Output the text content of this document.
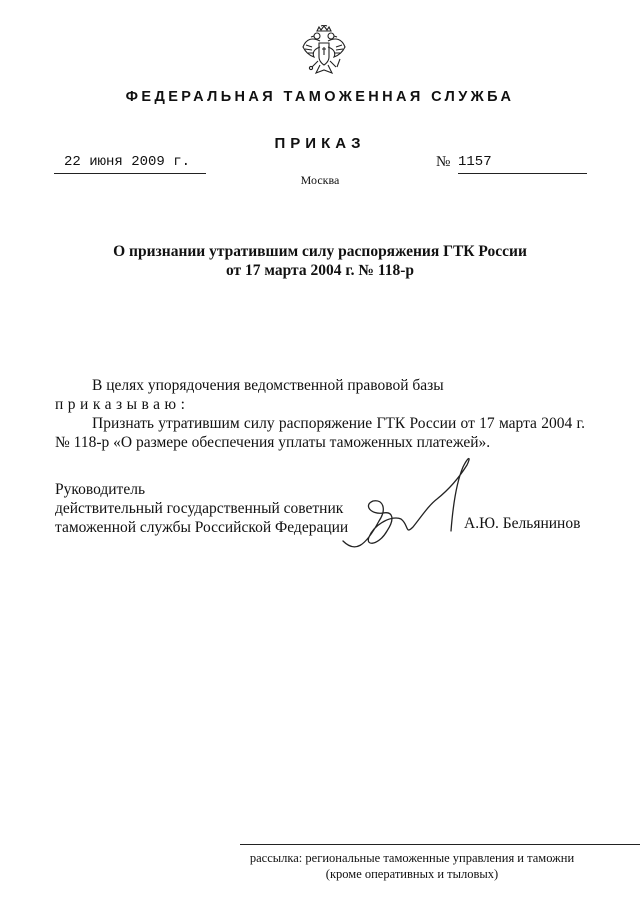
ФЕДЕРАЛЬНАЯ ТАМОЖЕННАЯ СЛУЖБА
ПРИКАЗ
22 июня 2009 г.	№ 1157
Москва
О признании утратившим силу распоряжения ГТК России
от 17 марта 2004 г. № 118-р

В целях упорядочения ведомственной правовой базы  приказываю:

Признать утратившим силу распоряжение ГТК России от 17 марта 2004 г. № 118-р «О размере обеспечения уплаты таможенных платежей».

Руководитель
действительный государственный советник
таможенной службы Российской Федерации	А.Ю. Бельянинов
рассылка: региональные таможенные управления и таможни
(кроме оперативных и тыловых)
